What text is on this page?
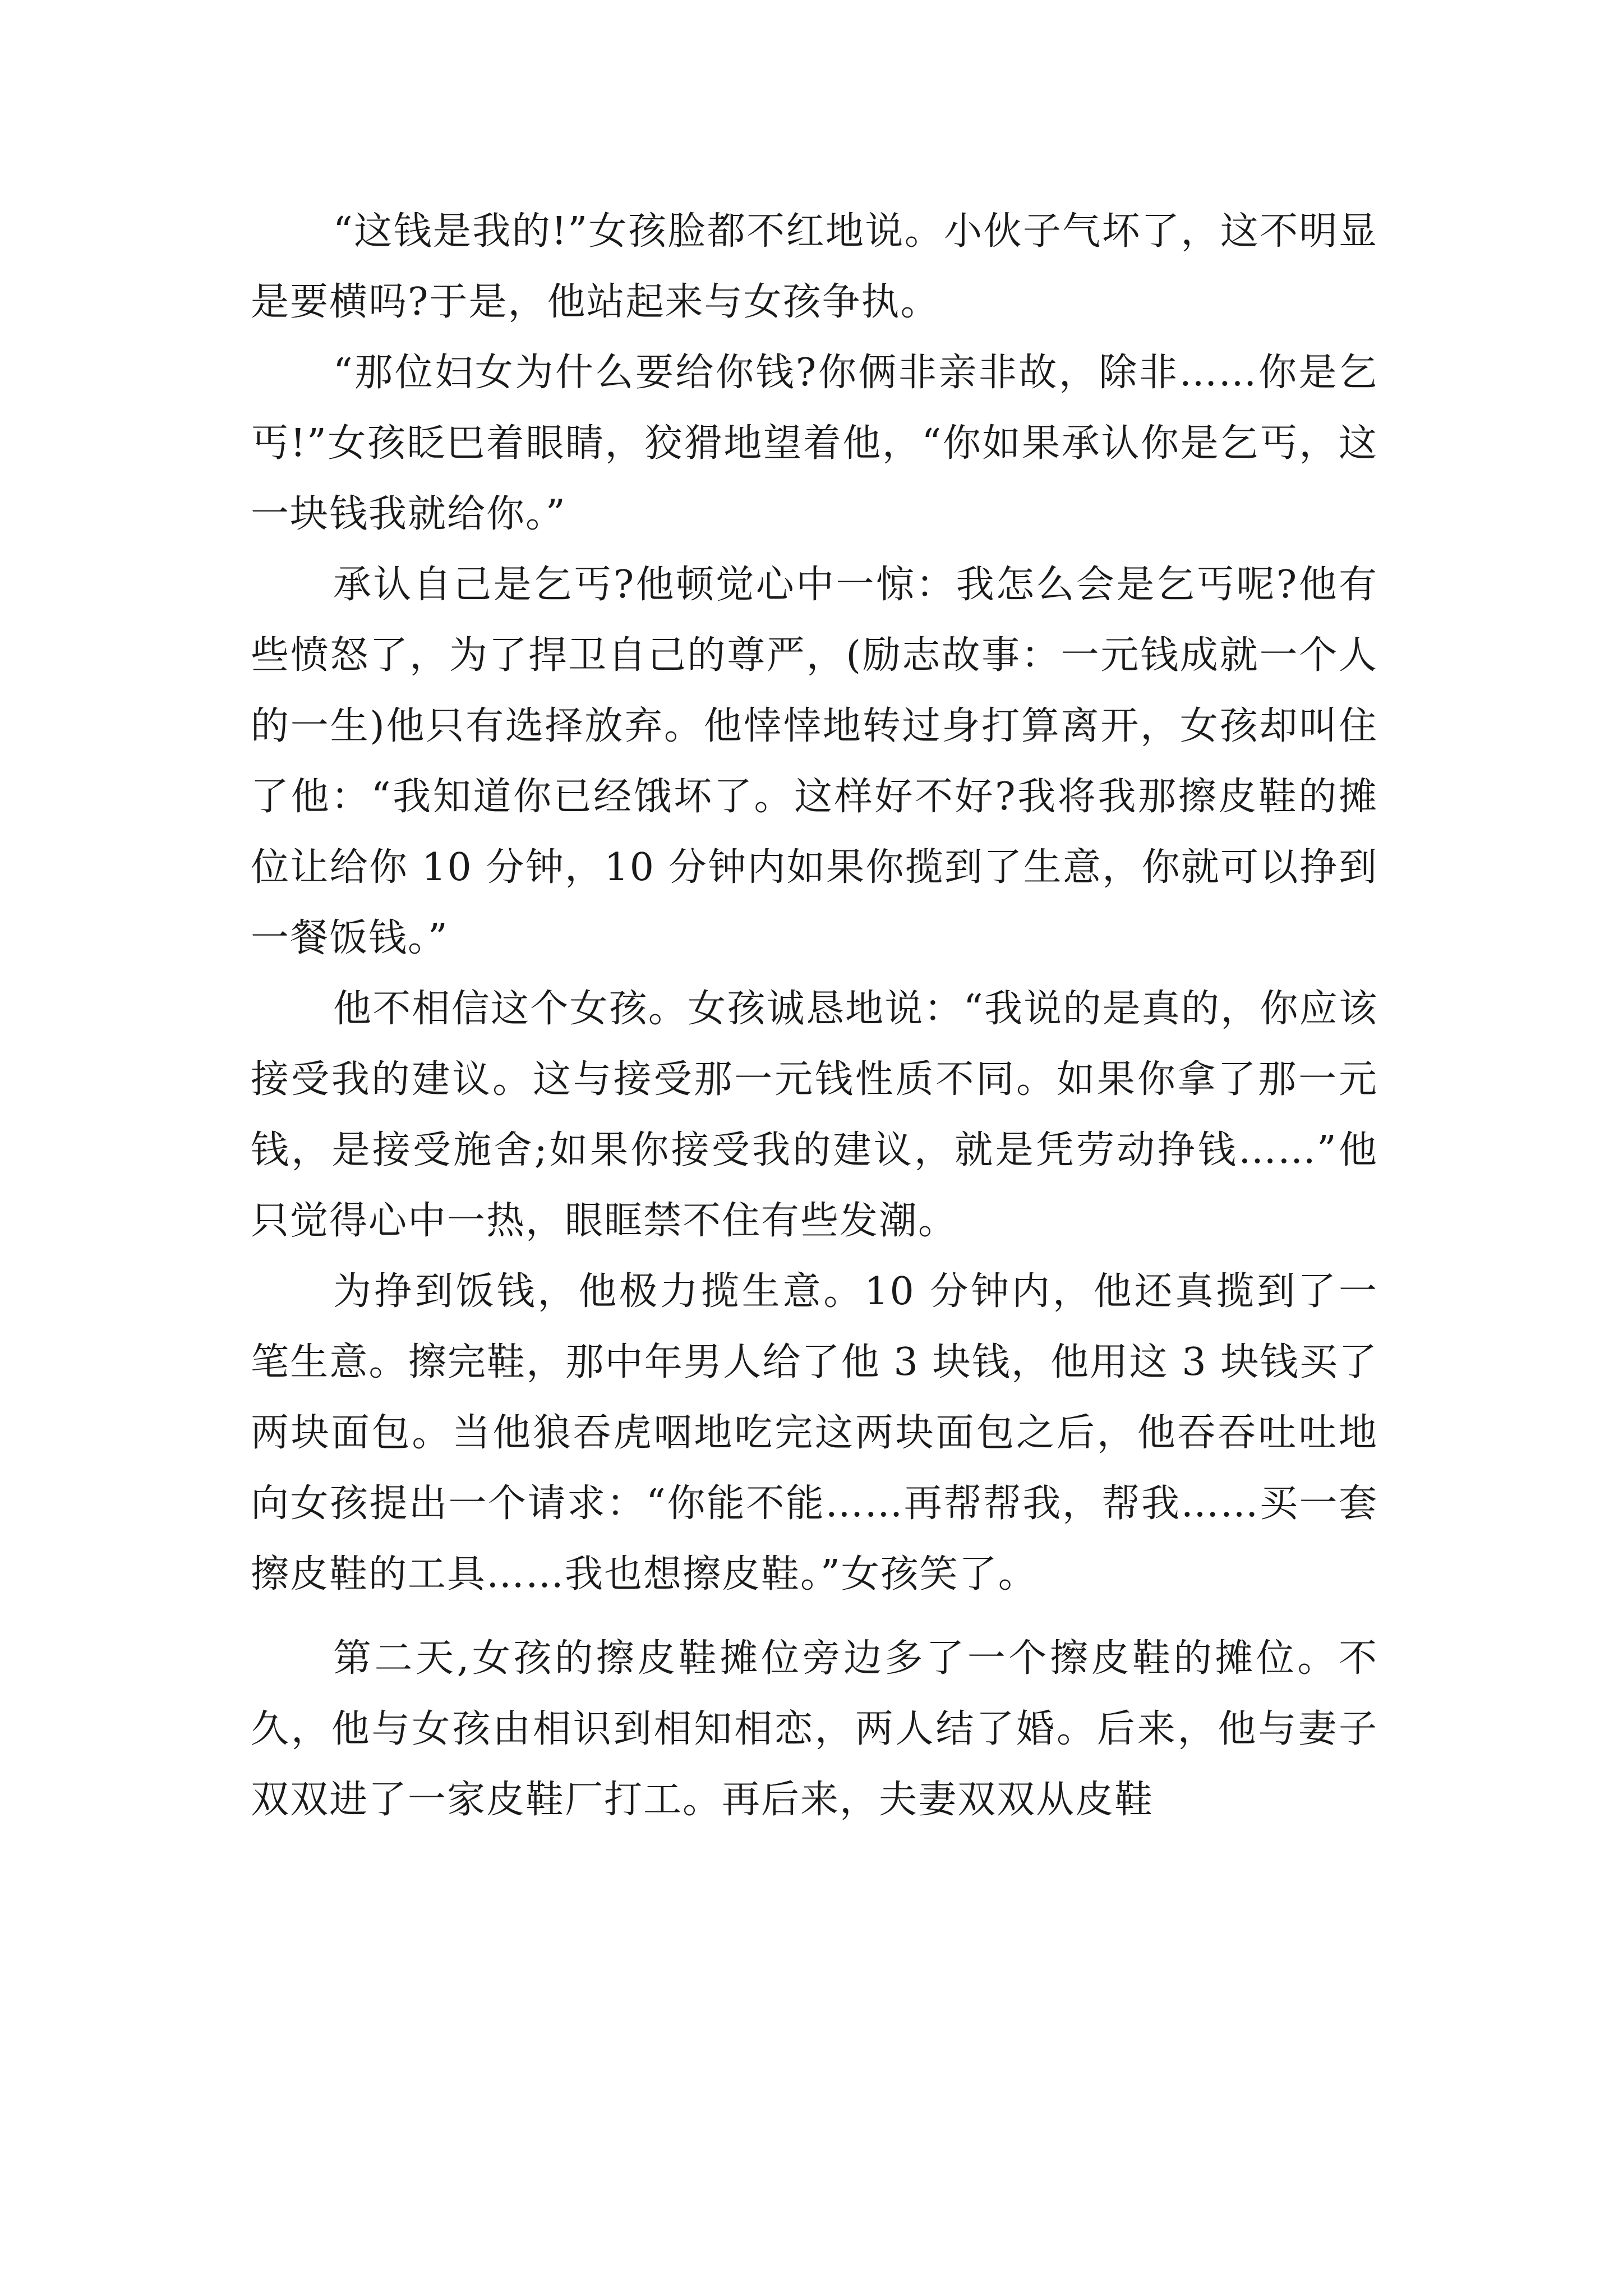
“这钱是我的!”女孩脸都不红地说。小伙子气坏了，这不明显是要横吗?于是，他站起来与女孩争执。

“那位妇女为什么要给你钱?你俩非亲非故，除非……你是乞丐!”女孩眨巴着眼睛，狡猾地望着他，“你如果承认你是乞丐，这一块钱我就给你。”

承认自己是乞丐?他顿觉心中一惊：我怎么会是乞丐呢?他有些愤怒了，为了捍卫自己的尊严，(励志故事：一元钱成就一个人的一生)他只有选择放弃。他悻悻地转过身打算离开，女孩却叫住了他：“我知道你已经饿坏了。这样好不好?我将我那擦皮鞋的摊位让给你 10 分钟，10 分钟内如果你揽到了生意，你就可以挣到一餐饭钱。”

他不相信这个女孩。女孩诚恳地说：“我说的是真的，你应该接受我的建议。这与接受那一元钱性质不同。如果你拿了那一元钱，是接受施舍;如果你接受我的建议，就是凭劳动挣钱……”他只觉得心中一热，眼眶禁不住有些发潮。

为挣到饭钱，他极力揽生意。10 分钟内，他还真揽到了一笔生意。擦完鞋，那中年男人给了他 3 块钱，他用这 3 块钱买了两块面包。当他狼吞虎咽地吃完这两块面包之后，他吞吞吐吐地向女孩提出一个请求：“你能不能……再帮帮我，帮我……买一套擦皮鞋的工具……我也想擦皮鞋。”女孩笑了。

第二天,女孩的擦皮鞋摊位旁边多了一个擦皮鞋的摊位。不久，他与女孩由相识到相知相恋，两人结了婚。后来，他与妻子双双进了一家皮鞋厂打工。再后来，夫妻双双从皮鞋
